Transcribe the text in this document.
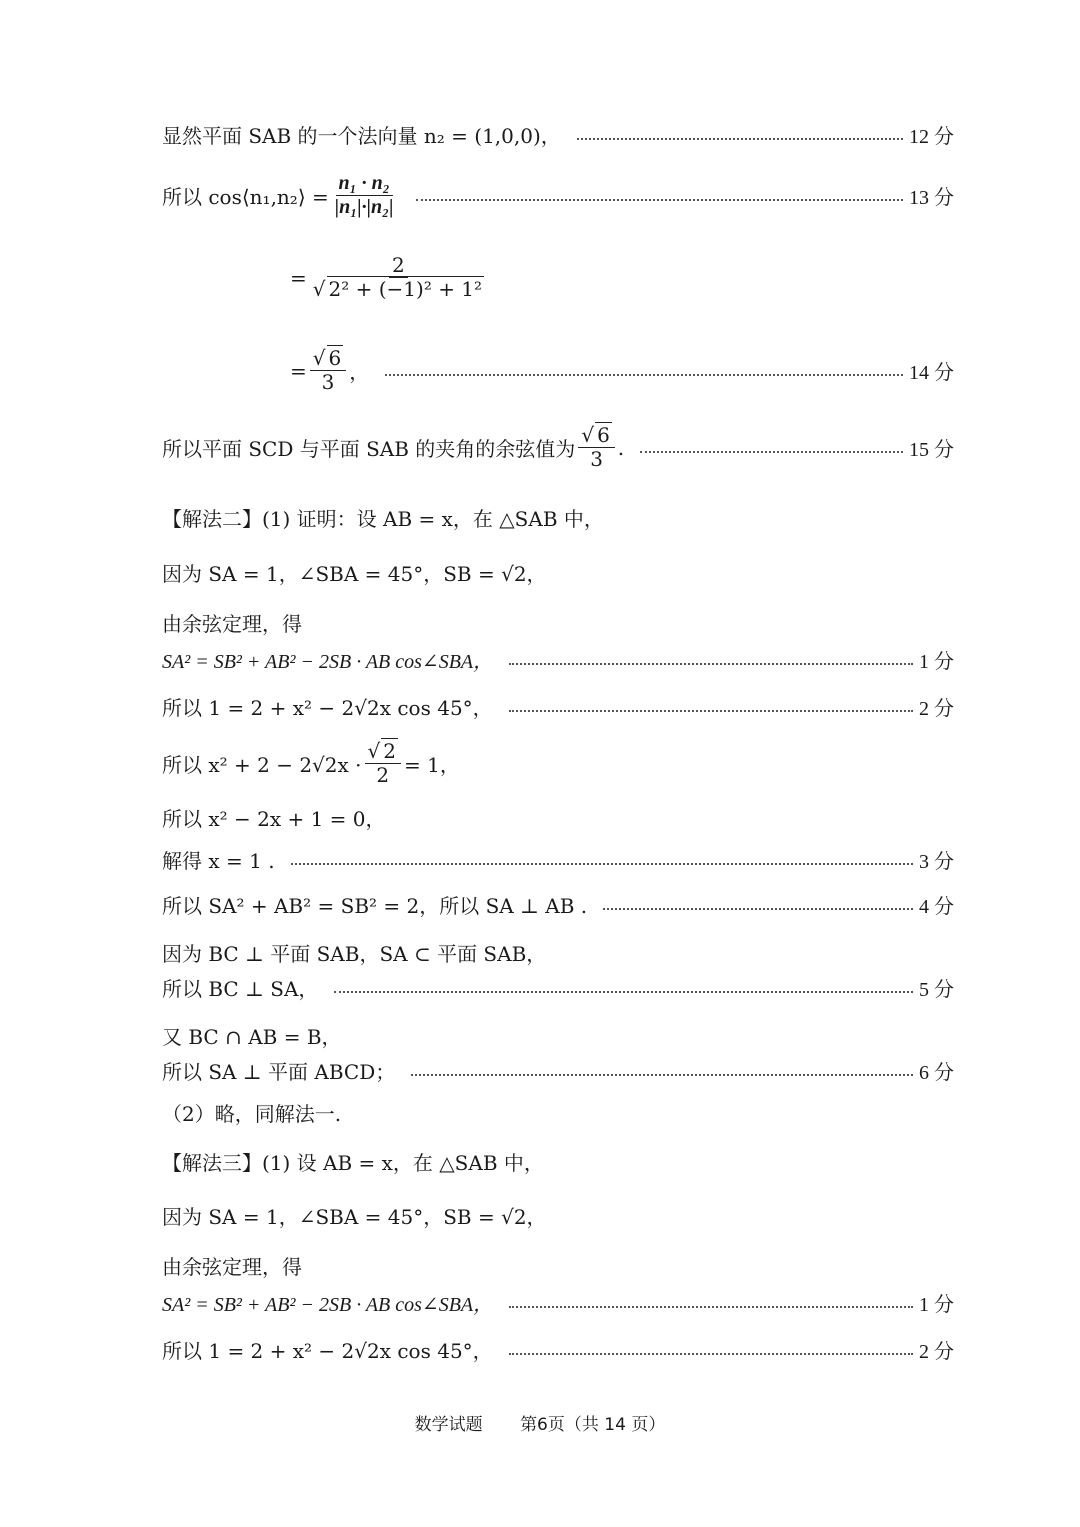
显然平面 SAB 的一个法向量 n₂ = (1,0,0)，	12 分
所以 cos⟨n₁,n₂⟩ = $\frac{\text{n₁ · n₂}}{\text{|n₁|·|n₂|}}$	13 分
= $\frac{2}{\text{√ 2² + (−1)² + 1²}}$
= $\frac{√ 6}{3}$ ，	14 分
所以平面 SCD 与平面 SAB 的夹角的余弦值为 $\frac{√ 6}{3}$ .	15 分
【解法二】(1) 证明：设 AB = x，在 △SAB 中，
因为 SA = 1，∠SBA = 45°，SB = √2，
由余弦定理，得
SA² = SB² + AB² − 2SB · AB cos∠SBA，	1 分
所以 1 = 2 + x² − 2√2x cos 45°，	2 分
所以 $x^2 + 2 - 2√2x \cdot \frac{√ 2}{2} = 1$，
所以 x² − 2x + 1 = 0，
解得 x = 1 .	3 分
所以 SA² + AB² = SB² = 2，所以 SA ⊥ AB .	4 分
因为 BC ⊥ 平面 SAB，SA ⊂ 平面 SAB，
所以 BC ⊥ SA，	5 分
又 BC ∩ AB = B，
所以 SA ⊥ 平面 ABCD；	6 分
（2）略，同解法一.
【解法三】(1) 设 AB = x，在 △SAB 中，
因为 SA = 1，∠SBA = 45°，SB = √2，
由余弦定理，得
SA² = SB² + AB² − 2SB · AB cos∠SBA，	1 分
所以 1 = 2 + x² − 2√2x cos 45°，	2 分
数学试题 第6页（共 14 页）
